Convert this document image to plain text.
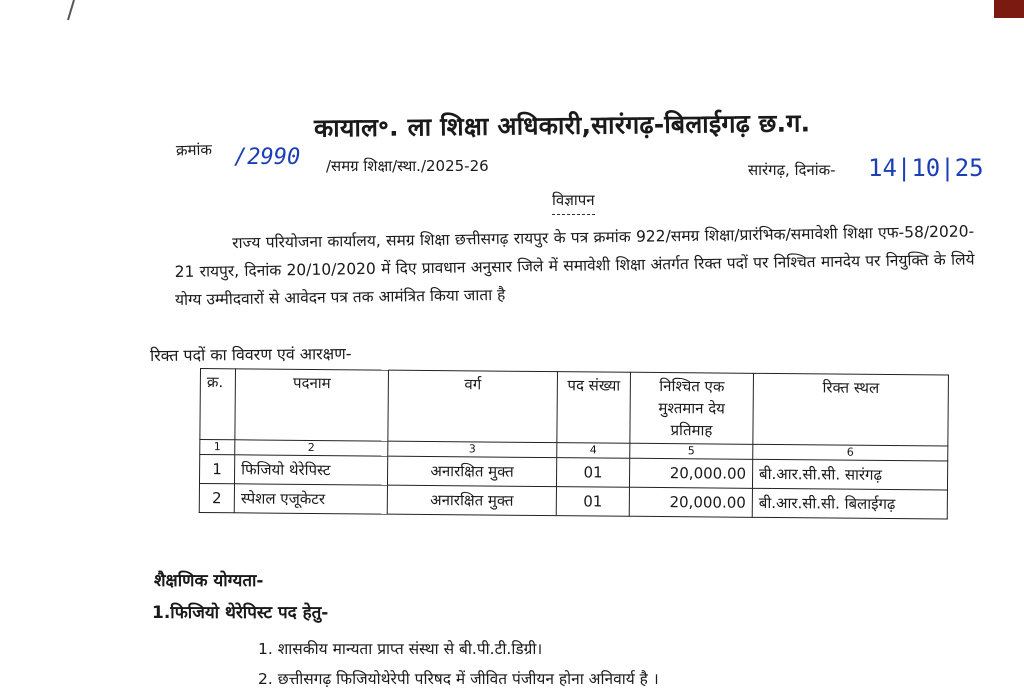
कायाल॰. ला शिक्षा अधिकारी,सारंगढ़-बिलाईगढ़ छ.ग.
क्रमांक /2990 /समग्र शिक्षा/स्था./2025-26	सारंगढ़, दिनांक- 14|10|25
विज्ञापन
राज्य परियोजना कार्यालय, समग्र शिक्षा छत्तीसगढ़ रायपुर के पत्र क्रमांक 922/समग्र शिक्षा/प्रारंभिक/समावेशी शिक्षा एफ-58/2020-21 रायपुर, दिनांक 20/10/2020 में दिए प्रावधान अनुसार जिले में समावेशी शिक्षा अंतर्गत रिक्त पदों पर निश्चित मानदेय पर नियुक्ति के लिये योग्य उम्मीदवारों से आवेदन पत्र तक आमंत्रित किया जाता है
रिक्त पदों का विवरण एवं आरक्षण-
क्र.	पदनाम	वर्ग	पद संख्या	निश्चित एक मुश्तमान देय प्रतिमाह	रिक्त स्थल
1	2	3	4	5	6
1	फिजियो थेरेपिस्ट	अनारक्षित मुक्त	01	20,000.00	बी.आर.सी.सी. सारंगढ़
2	स्पेशल एजूकेटर	अनारक्षित मुक्त	01	20,000.00	बी.आर.सी.सी. बिलाईगढ़
शैक्षणिक योग्यता-
1.फिजियो थेरेपिस्ट पद हेतु-
1. शासकीय मान्यता प्राप्त संस्था से बी.पी.टी.डिग्री।
2. छत्तीसगढ़ फिजियोथेरेपी परिषद में जीवित पंजीयन होना अनिवार्य है ।
